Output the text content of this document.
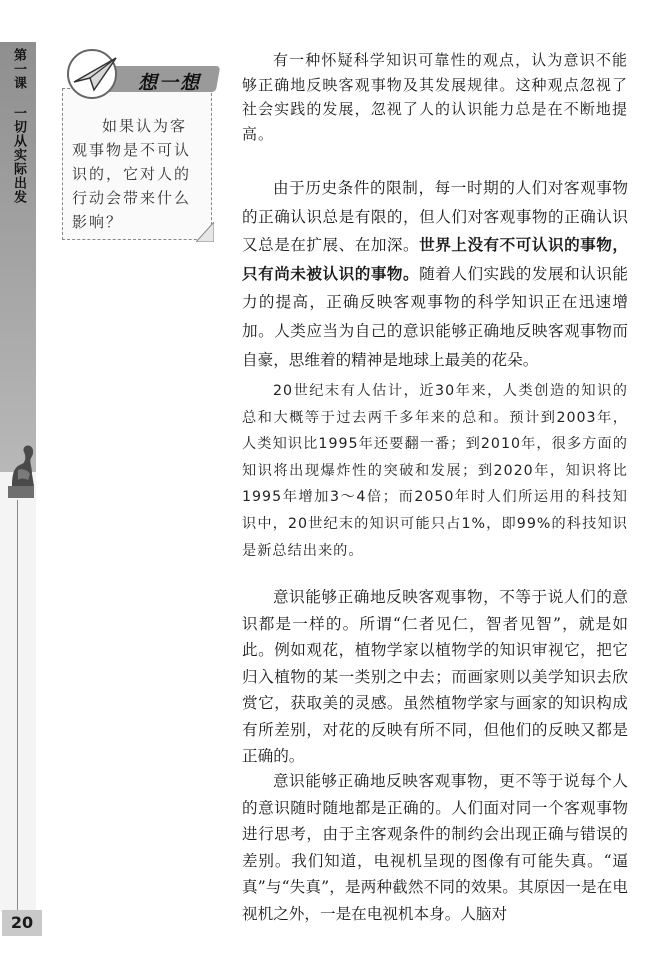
第一课 一切从实际出发
20
想一想
如果认为客观事物是不可认识的，它对人的行动会带来什么影响？

有一种怀疑科学知识可靠性的观点，认为意识不能够正确地反映客观事物及其发展规律。这种观点忽视了社会实践的发展，忽视了人的认识能力总是在不断地提高。

由于历史条件的限制，每一时期的人们对客观事物的正确认识总是有限的，但人们对客观事物的正确认识又总是在扩展、在加深。世界上没有不可认识的事物，只有尚未被认识的事物。随着人们实践的发展和认识能力的提高，正确反映客观事物的科学知识正在迅速增加。人类应当为自己的意识能够正确地反映客观事物而自豪，思维着的精神是地球上最美的花朵。

20世纪末有人估计，近30年来，人类创造的知识的总和大概等于过去两千多年来的总和。预计到2003年，人类知识比1995年还要翻一番；到2010年，很多方面的知识将出现爆炸性的突破和发展；到2020年，知识将比1995年增加3～4倍；而2050年时人们所运用的科技知识中，20世纪末的知识可能只占1%，即99%的科技知识是新总结出来的。

意识能够正确地反映客观事物，不等于说人们的意识都是一样的。所谓“仁者见仁，智者见智”，就是如此。例如观花，植物学家以植物学的知识审视它，把它归入植物的某一类别之中去；而画家则以美学知识去欣赏它，获取美的灵感。虽然植物学家与画家的知识构成有所差别，对花的反映有所不同，但他们的反映又都是正确的。

意识能够正确地反映客观事物，更不等于说每个人的意识随时随地都是正确的。人们面对同一个客观事物进行思考，由于主客观条件的制约会出现正确与错误的差别。我们知道，电视机呈现的图像有可能失真。“逼真”与“失真”，是两种截然不同的效果。其原因一是在电视机之外，一是在电视机本身。人脑对
